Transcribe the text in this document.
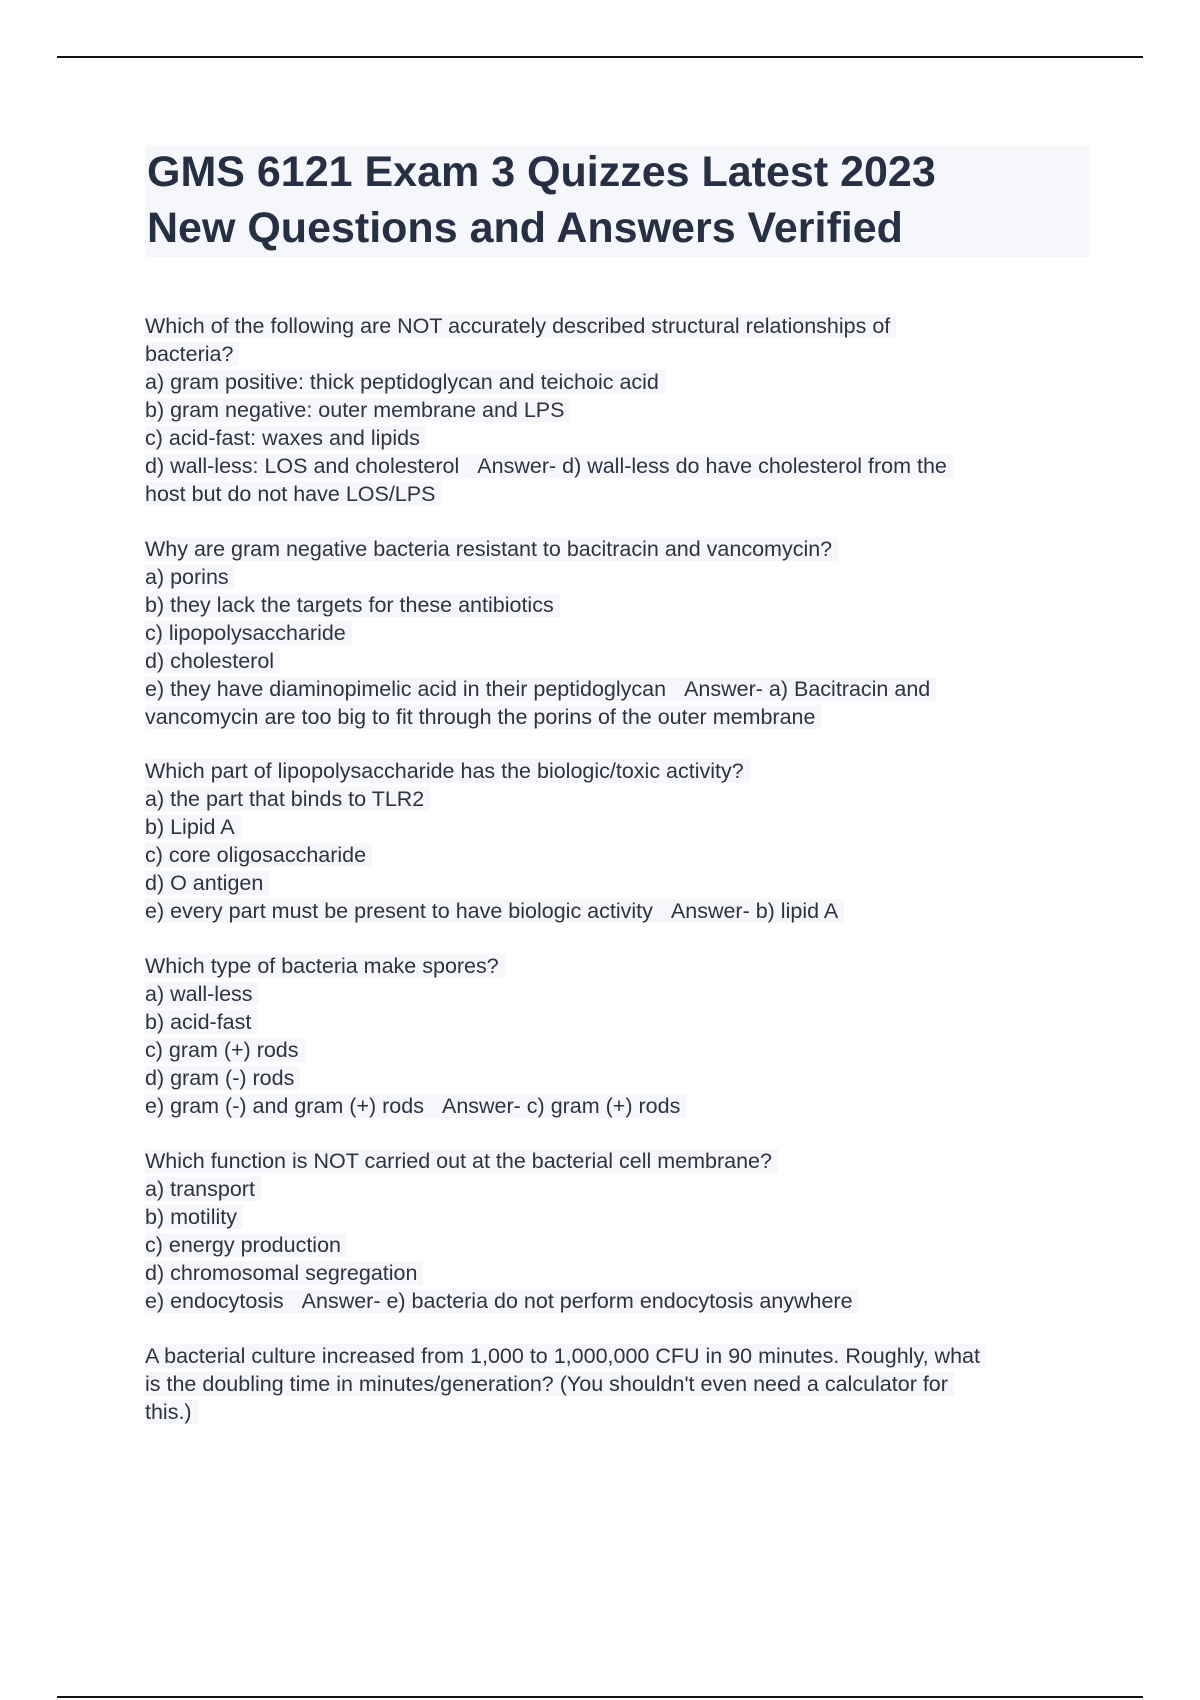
GMS 6121 Exam 3 Quizzes Latest 2023
New Questions and Answers Verified
Which of the following are NOT accurately described structural relationships of
bacteria?
a) gram positive: thick peptidoglycan and teichoic acid
b) gram negative: outer membrane and LPS
c) acid-fast: waxes and lipids
d) wall-less: LOS and cholesterol Answer- d) wall-less do have cholesterol from the
host but do not have LOS/LPS
Why are gram negative bacteria resistant to bacitracin and vancomycin?
a) porins
b) they lack the targets for these antibiotics
c) lipopolysaccharide
d) cholesterol
e) they have diaminopimelic acid in their peptidoglycan Answer- a) Bacitracin and
vancomycin are too big to fit through the porins of the outer membrane
Which part of lipopolysaccharide has the biologic/toxic activity?
a) the part that binds to TLR2
b) Lipid A
c) core oligosaccharide
d) O antigen
e) every part must be present to have biologic activity Answer- b) lipid A
Which type of bacteria make spores?
a) wall-less
b) acid-fast
c) gram (+) rods
d) gram (-) rods
e) gram (-) and gram (+) rods Answer- c) gram (+) rods
Which function is NOT carried out at the bacterial cell membrane?
a) transport
b) motility
c) energy production
d) chromosomal segregation
e) endocytosis Answer- e) bacteria do not perform endocytosis anywhere
A bacterial culture increased from 1,000 to 1,000,000 CFU in 90 minutes. Roughly, what
is the doubling time in minutes/generation? (You shouldn't even need a calculator for
this.)
